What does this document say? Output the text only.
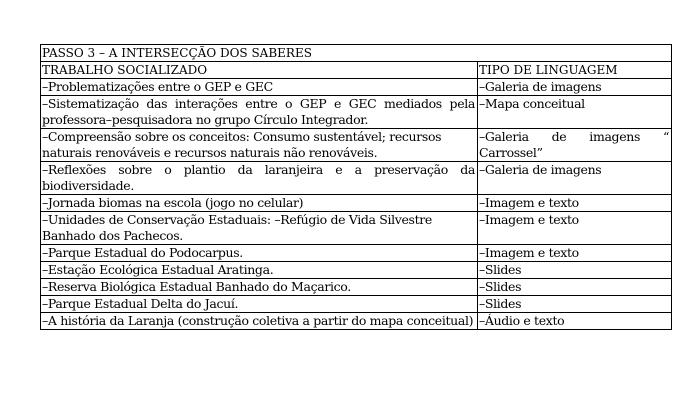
PASSO 3 – A INTERSECÇÃO DOS SABERES	
TRABALHO SOCIALIZADO	TIPO DE LINGUAGEM
–Problematizações entre o GEP e GEC	–Galeria de imagens
–Sistematização das interações entre o GEP e GEC mediados pela professora–pesquisadora no grupo Círculo Integrador.	–Mapa conceitual
–Compreensão sobre os conceitos: Consumo sustentável; recursos naturais renováveis e recursos naturais não renováveis.	–Galeria de imagens “ Carrossel”
–Reflexões sobre o plantio da laranjeira e a preservação da biodiversidade.	–Galeria de imagens
–Jornada biomas na escola (jogo no celular)	–Imagem e texto
–Unidades de Conservação Estaduais: –Refúgio de Vida Silvestre Banhado dos Pachecos.	–Imagem e texto
–Parque Estadual do Podocarpus.	–Imagem e texto
–Estação Ecológica Estadual Aratinga.	–Slides
–Reserva Biológica Estadual Banhado do Maçarico.	–Slides
–Parque Estadual Delta do Jacuí.	–Slides
–A história da Laranja (construção coletiva a partir do mapa conceitual)	–Áudio e texto
